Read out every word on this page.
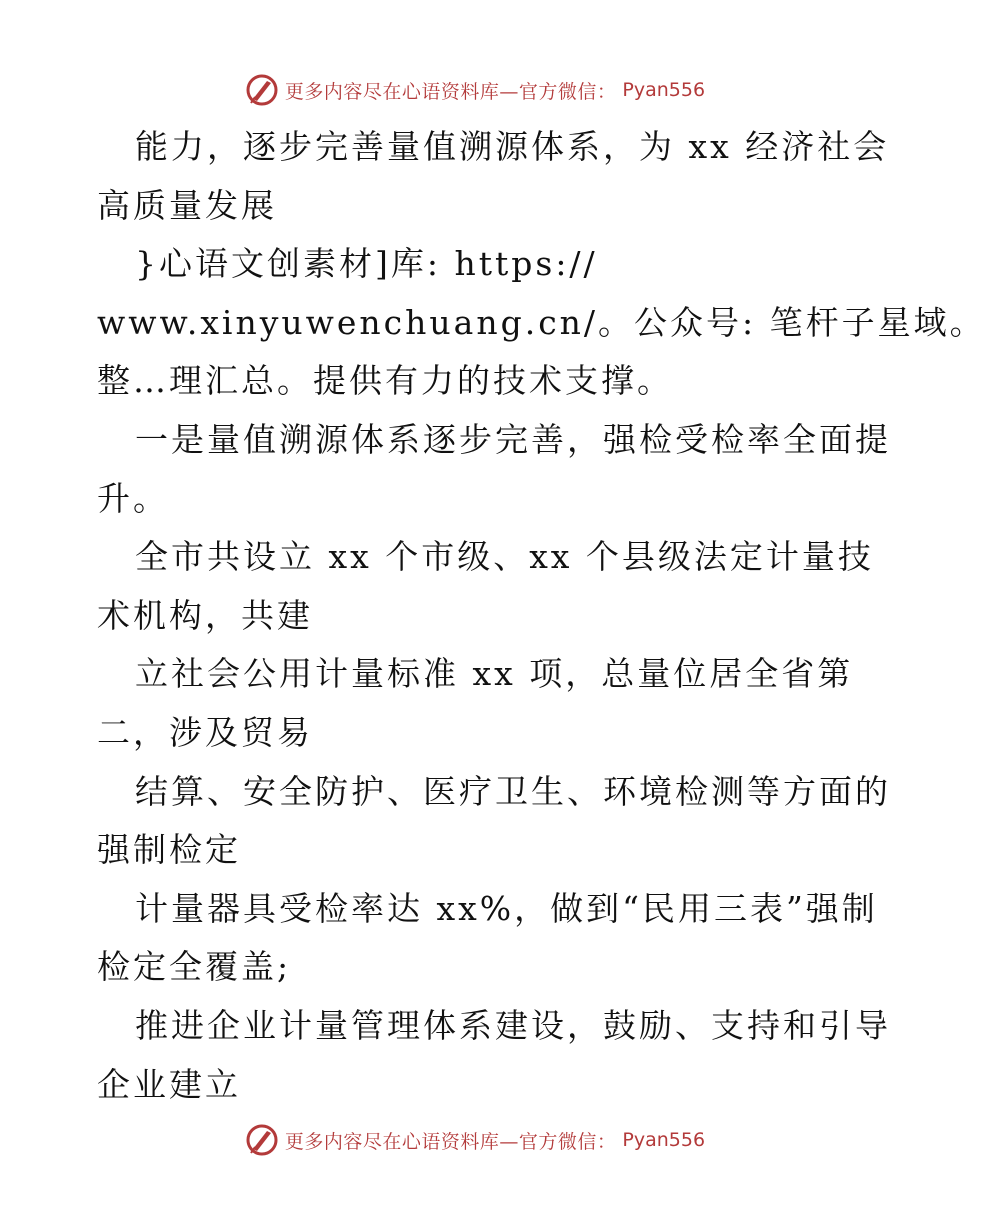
更多内容尽在心语资料库—官方微信： Pyan556
能力，逐步完善量值溯源体系，为 xx 经济社会
高质量发展
}心语文创素材]库: https://
www.xinyuwenchuang.cn/。公众号: 笔杆子星域。
整…理汇总。提供有力的技术支撑。
一是量值溯源体系逐步完善，强检受检率全面提
升。
全市共设立 xx 个市级、xx 个县级法定计量技
术机构，共建
立社会公用计量标准 xx 项，总量位居全省第
二，涉及贸易
结算、安全防护、医疗卫生、环境检测等方面的
强制检定
计量器具受检率达 xx%，做到“民用三表”强制
检定全覆盖;
推进企业计量管理体系建设，鼓励、支持和引导
企业建立
更多内容尽在心语资料库—官方微信： Pyan556
